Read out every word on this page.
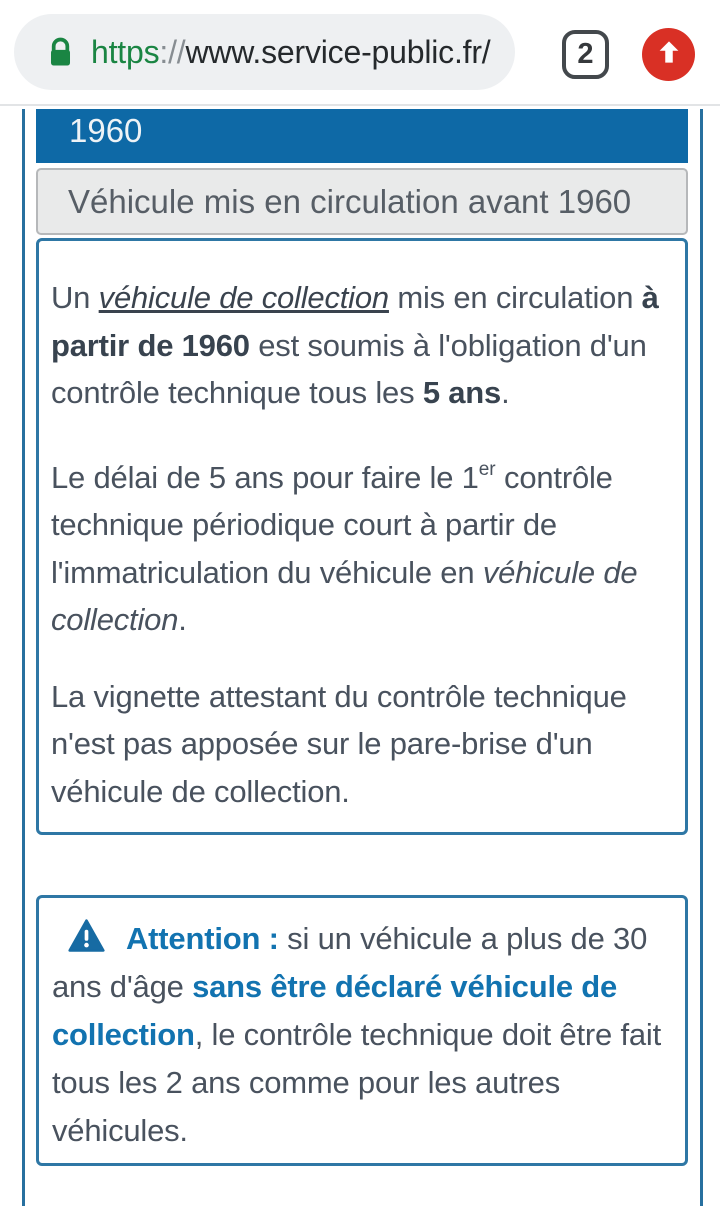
https://www.service-public.fr/	2
1960
Véhicule mis en circulation avant 1960

Un véhicule de collection mis en circulation à partir de 1960 est soumis à l'obligation d'un contrôle technique tous les 5 ans.

Le délai de 5 ans pour faire le 1er contrôle technique périodique court à partir de l'immatriculation du véhicule en véhicule de collection.

La vignette attestant du contrôle technique n'est pas apposée sur le pare-brise d'un véhicule de collection.

Attention : si un véhicule a plus de 30 ans d'âge sans être déclaré véhicule de collection, le contrôle technique doit être fait tous les 2 ans comme pour les autres véhicules.
